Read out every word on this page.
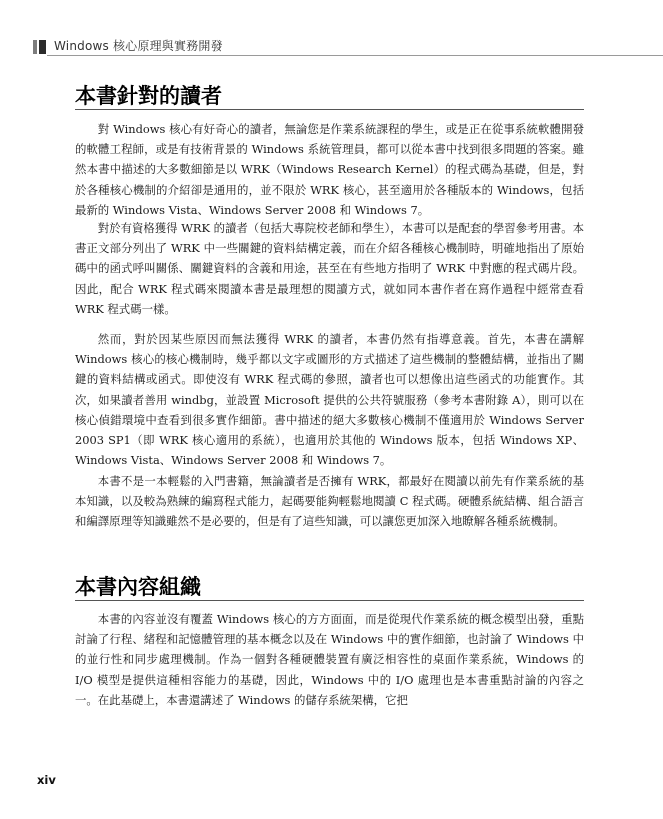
Windows 核心原理與實務開發
本書針對的讀者

對 Windows 核心有好奇心的讀者，無論您是作業系統課程的學生，或是正在從事系統軟體開發的軟體工程師，或是有技術背景的 Windows 系統管理員，都可以從本書中找到很多問題的答案。雖然本書中描述的大多數細節是以 WRK（Windows Research Kernel）的程式碼為基礎，但是，對於各種核心機制的介紹卻是通用的，並不限於 WRK 核心，甚至適用於各種版本的 Windows，包括最新的 Windows Vista、Windows Server 2008 和 Windows 7。

對於有資格獲得 WRK 的讀者（包括大專院校老師和學生），本書可以是配套的學習參考用書。本書正文部分列出了 WRK 中一些關鍵的資料結構定義，而在介紹各種核心機制時，明確地指出了原始碼中的函式呼叫關係、關鍵資料的含義和用途，甚至在有些地方指明了 WRK 中對應的程式碼片段。因此，配合 WRK 程式碼來閱讀本書是最理想的閱讀方式，就如同本書作者在寫作過程中經常查看 WRK 程式碼一樣。

然而，對於因某些原因而無法獲得 WRK 的讀者，本書仍然有指導意義。首先，本書在講解 Windows 核心的核心機制時，幾乎都以文字或圖形的方式描述了這些機制的整體結構，並指出了關鍵的資料結構或函式。即使沒有 WRK 程式碼的參照，讀者也可以想像出這些函式的功能實作。其次，如果讀者善用 windbg，並設置 Microsoft 提供的公共符號服務（參考本書附錄 A），則可以在核心偵錯環境中查看到很多實作細節。書中描述的絕大多數核心機制不僅適用於 Windows Server 2003 SP1（即 WRK 核心適用的系統），也適用於其他的 Windows 版本，包括 Windows XP、Windows Vista、Windows Server 2008 和 Windows 7。

本書不是一本輕鬆的入門書籍，無論讀者是否擁有 WRK，都最好在閱讀以前先有作業系統的基本知識，以及較為熟練的編寫程式能力，起碼要能夠輕鬆地閱讀 C 程式碼。硬體系統結構、組合語言和編譯原理等知識雖然不是必要的，但是有了這些知識，可以讓您更加深入地瞭解各種系統機制。

本書內容組織

本書的內容並沒有覆蓋 Windows 核心的方方面面，而是從現代作業系統的概念模型出發，重點討論了行程、緒程和記憶體管理的基本概念以及在 Windows 中的實作細節，也討論了 Windows 中的並行性和同步處理機制。作為一個對各種硬體裝置有廣泛相容性的桌面作業系統，Windows 的 I/O 模型是提供這種相容能力的基礎，因此，Windows 中的 I/O 處理也是本書重點討論的內容之一。在此基礎上，本書還講述了 Windows 的儲存系統架構，它把

xiv
